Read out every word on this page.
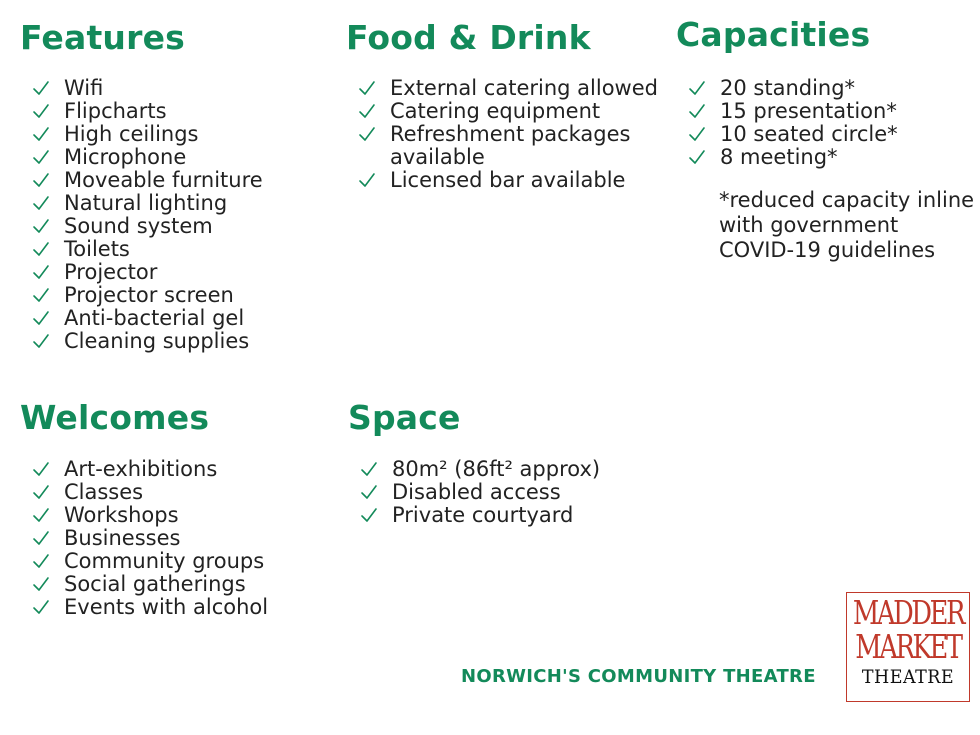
Features
Wifi
Flipcharts
High ceilings
Microphone
Moveable furniture
Natural lighting
Sound system
Toilets
Projector
Projector screen
Anti-bacterial gel
Cleaning supplies
Food & Drink
External catering allowed
Catering equipment
Refreshment packages available
Licensed bar available
Capacities
20 standing*
15 presentation*
10 seated circle*
8 meeting*
*reduced capacity inline with government COVID-19 guidelines
Welcomes
Art-exhibitions
Classes
Workshops
Businesses
Community groups
Social gatherings
Events with alcohol
Space
80m² (86ft² approx)
Disabled access
Private courtyard
NORWICH'S COMMUNITY THEATRE
MADDER
MARKET
THEATRE
